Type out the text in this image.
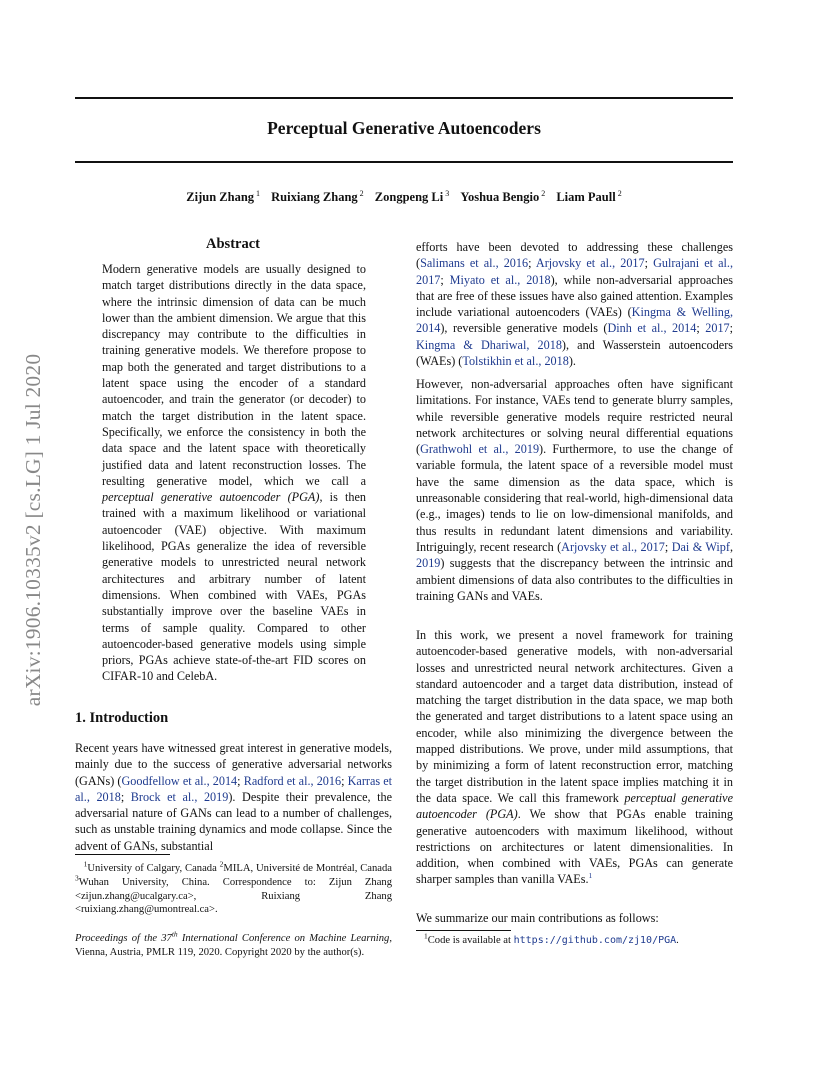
Perceptual Generative Autoencoders
Zijun Zhang $^1$ Ruixiang Zhang $^2$ Zongpeng Li $^3$ Yoshua Bengio $^2$ Liam Paull $^2$
arXiv:1906.10335v2 [cs.LG] 1 Jul 2020
Abstract
Modern generative models are usually designed to match target distributions directly in the data space, where the intrinsic dimension of data can be much lower than the ambient dimension. We argue that this discrepancy may contribute to the difficulties in training generative models. We therefore propose to map both the generated and target distributions to a latent space using the encoder of a standard autoencoder, and train the generator (or decoder) to match the target distribution in the latent space. Specifically, we enforce the consistency in both the data space and the latent space with theoretically justified data and latent reconstruction losses. The resulting generative model, which we call a perceptual generative autoencoder (PGA), is then trained with a maximum likelihood or variational autoencoder (VAE) objective. With maximum likelihood, PGAs generalize the idea of reversible generative models to unrestricted neural network architectures and arbitrary number of latent dimensions. When combined with VAEs, PGAs substantially improve over the baseline VAEs in terms of sample quality. Compared to other autoencoder-based generative models using simple priors, PGAs achieve state-of-the-art FID scores on CIFAR-10 and CelebA.
1. Introduction
Recent years have witnessed great interest in generative models, mainly due to the success of generative adversarial networks (GANs) (Goodfellow et al., 2014; Radford et al., 2016; Karras et al., 2018; Brock et al., 2019). Despite their prevalence, the adversarial nature of GANs can lead to a number of challenges, such as unstable training dynamics and mode collapse. Since the advent of GANs, substantial
$^1$University of Calgary, Canada $^2$MILA, Université de Montréal, Canada $^3$Wuhan University, China. Correspondence to: Zijun Zhang <zijun.zhang@ucalgary.ca>, Ruixiang Zhang <ruixiang.zhang@umontreal.ca>.
Proceedings of the 37th International Conference on Machine Learning, Vienna, Austria, PMLR 119, 2020. Copyright 2020 by the author(s).
efforts have been devoted to addressing these challenges (Salimans et al., 2016; Arjovsky et al., 2017; Gulrajani et al., 2017; Miyato et al., 2018), while non-adversarial approaches that are free of these issues have also gained attention. Examples include variational autoencoders (VAEs) (Kingma & Welling, 2014), reversible generative models (Dinh et al., 2014; 2017; Kingma & Dhariwal, 2018), and Wasserstein autoencoders (WAEs) (Tolstikhin et al., 2018).
However, non-adversarial approaches often have significant limitations. For instance, VAEs tend to generate blurry samples, while reversible generative models require restricted neural network architectures or solving neural differential equations (Grathwohl et al., 2019). Furthermore, to use the change of variable formula, the latent space of a reversible model must have the same dimension as the data space, which is unreasonable considering that real-world, high-dimensional data (e.g., images) tends to lie on low-dimensional manifolds, and thus results in redundant latent dimensions and variability. Intriguingly, recent research (Arjovsky et al., 2017; Dai & Wipf, 2019) suggests that the discrepancy between the intrinsic and ambient dimensions of data also contributes to the difficulties in training GANs and VAEs.
In this work, we present a novel framework for training autoencoder-based generative models, with non-adversarial losses and unrestricted neural network architectures. Given a standard autoencoder and a target data distribution, instead of matching the target distribution in the data space, we map both the generated and target distributions to a latent space using an encoder, while also minimizing the divergence between the mapped distributions. We prove, under mild assumptions, that by minimizing a form of latent reconstruction error, matching the target distribution in the latent space implies matching it in the data space. We call this framework perceptual generative autoencoder (PGA). We show that PGAs enable training generative autoencoders with maximum likelihood, without restrictions on architectures or latent dimensionalities. In addition, when combined with VAEs, PGAs can generate sharper samples than vanilla VAEs.$^1$
We summarize our main contributions as follows:
$^1$Code is available at https://github.com/zj10/PGA.
